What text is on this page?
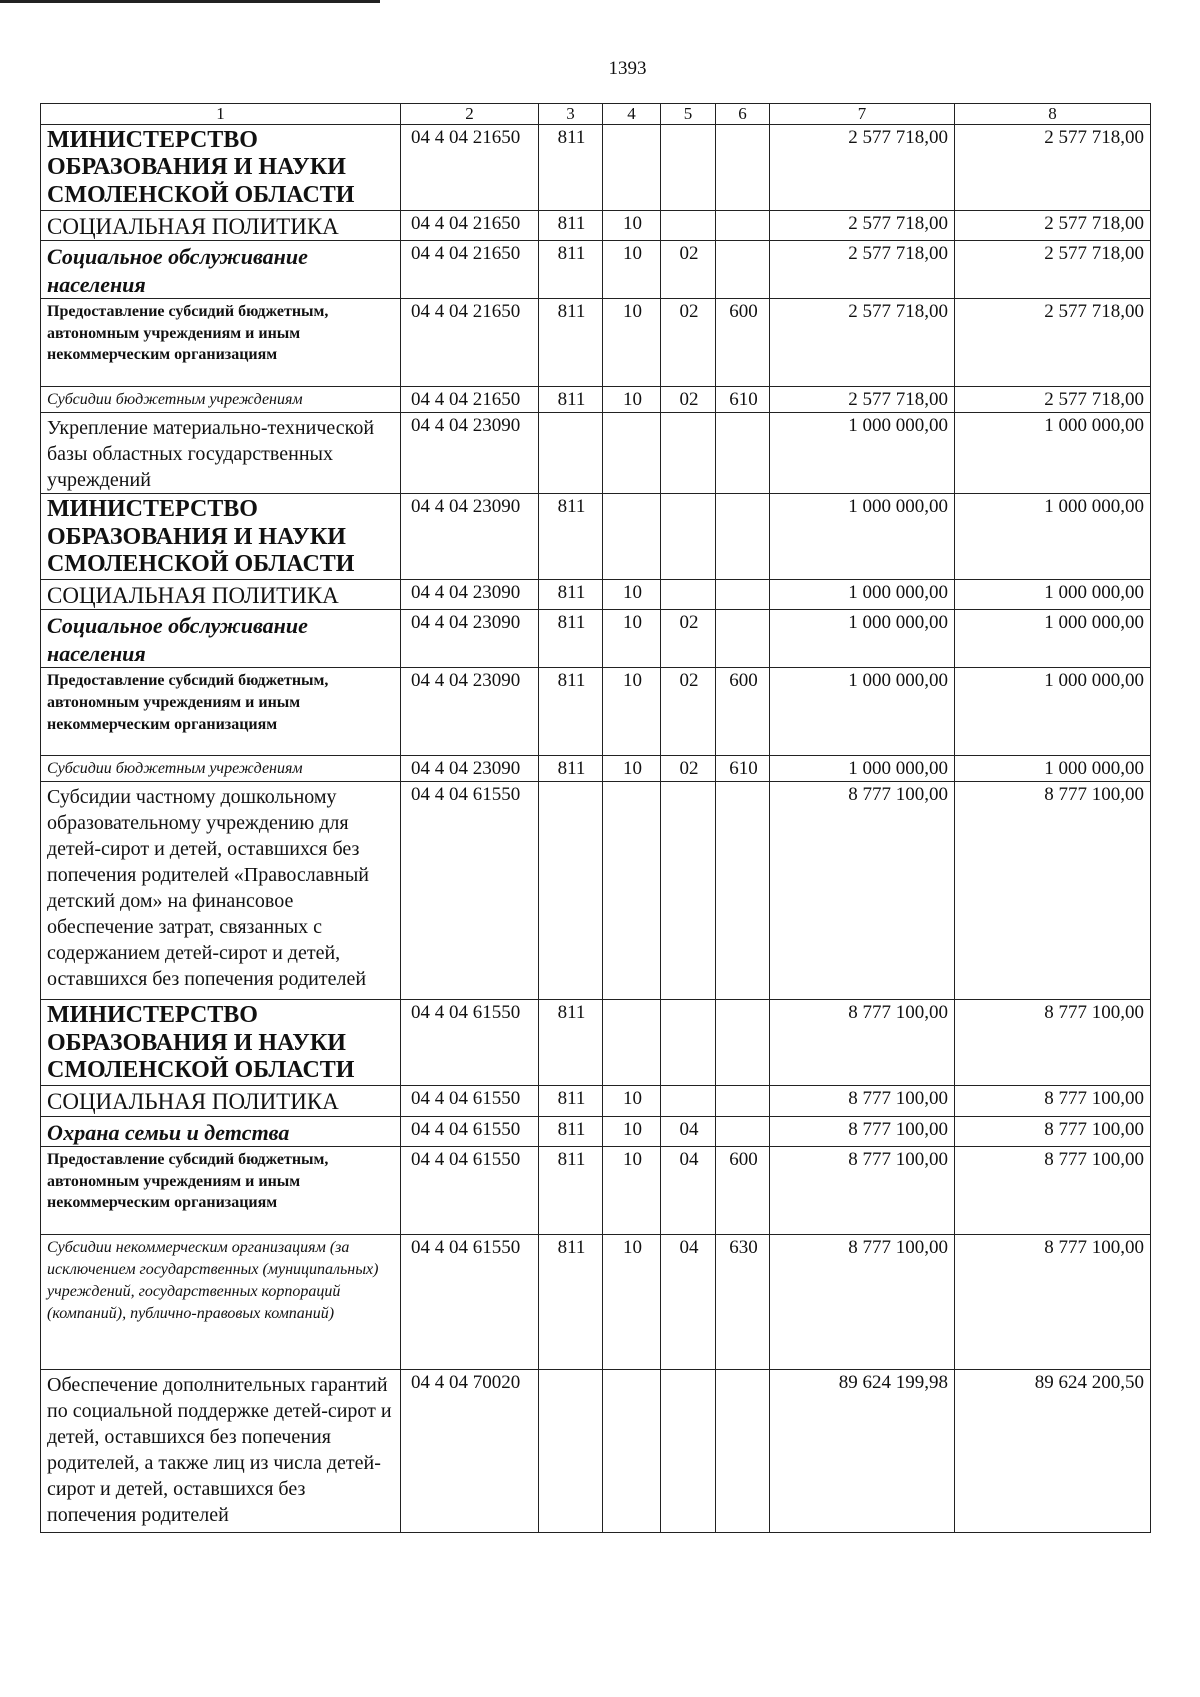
1393
1	2	3	4	5	6	7	8
МИНИСТЕРСТВО ОБРАЗОВАНИЯ И НАУКИ СМОЛЕНСКОЙ ОБЛАСТИ	04 4 04 21650	811				2 577 718,00	2 577 718,00
СОЦИАЛЬНАЯ ПОЛИТИКА	04 4 04 21650	811	10			2 577 718,00	2 577 718,00
Социальное обслуживание населения	04 4 04 21650	811	10	02		2 577 718,00	2 577 718,00
Предоставление субсидий бюджетным, автономным учреждениям и иным некоммерческим организациям	04 4 04 21650	811	10	02	600	2 577 718,00	2 577 718,00
Субсидии бюджетным учреждениям	04 4 04 21650	811	10	02	610	2 577 718,00	2 577 718,00
Укрепление материально-технической базы областных государственных учреждений	04 4 04 23090					1 000 000,00	1 000 000,00
МИНИСТЕРСТВО ОБРАЗОВАНИЯ И НАУКИ СМОЛЕНСКОЙ ОБЛАСТИ	04 4 04 23090	811				1 000 000,00	1 000 000,00
СОЦИАЛЬНАЯ ПОЛИТИКА	04 4 04 23090	811	10			1 000 000,00	1 000 000,00
Социальное обслуживание населения	04 4 04 23090	811	10	02		1 000 000,00	1 000 000,00
Предоставление субсидий бюджетным, автономным учреждениям и иным некоммерческим организациям	04 4 04 23090	811	10	02	600	1 000 000,00	1 000 000,00
Субсидии бюджетным учреждениям	04 4 04 23090	811	10	02	610	1 000 000,00	1 000 000,00
Субсидии частному дошкольному образовательному учреждению для детей-сирот и детей, оставшихся без попечения родителей «Православный детский дом» на финансовое обеспечение затрат, связанных с содержанием детей-сирот и детей, оставшихся без попечения родителей	04 4 04 61550					8 777 100,00	8 777 100,00
МИНИСТЕРСТВО ОБРАЗОВАНИЯ И НАУКИ СМОЛЕНСКОЙ ОБЛАСТИ	04 4 04 61550	811				8 777 100,00	8 777 100,00
СОЦИАЛЬНАЯ ПОЛИТИКА	04 4 04 61550	811	10			8 777 100,00	8 777 100,00
Охрана семьи и детства	04 4 04 61550	811	10	04		8 777 100,00	8 777 100,00
Предоставление субсидий бюджетным, автономным учреждениям и иным некоммерческим организациям	04 4 04 61550	811	10	04	600	8 777 100,00	8 777 100,00
Субсидии некоммерческим организациям (за исключением государственных (муниципальных) учреждений, государственных корпораций (компаний), публично-правовых компаний)	04 4 04 61550	811	10	04	630	8 777 100,00	8 777 100,00
Обеспечение дополнительных гарантий по социальной поддержке детей-сирот и детей, оставшихся без попечения родителей, а также лиц из числа детей-сирот и детей, оставшихся без попечения родителей	04 4 04 70020					89 624 199,98	89 624 200,50
